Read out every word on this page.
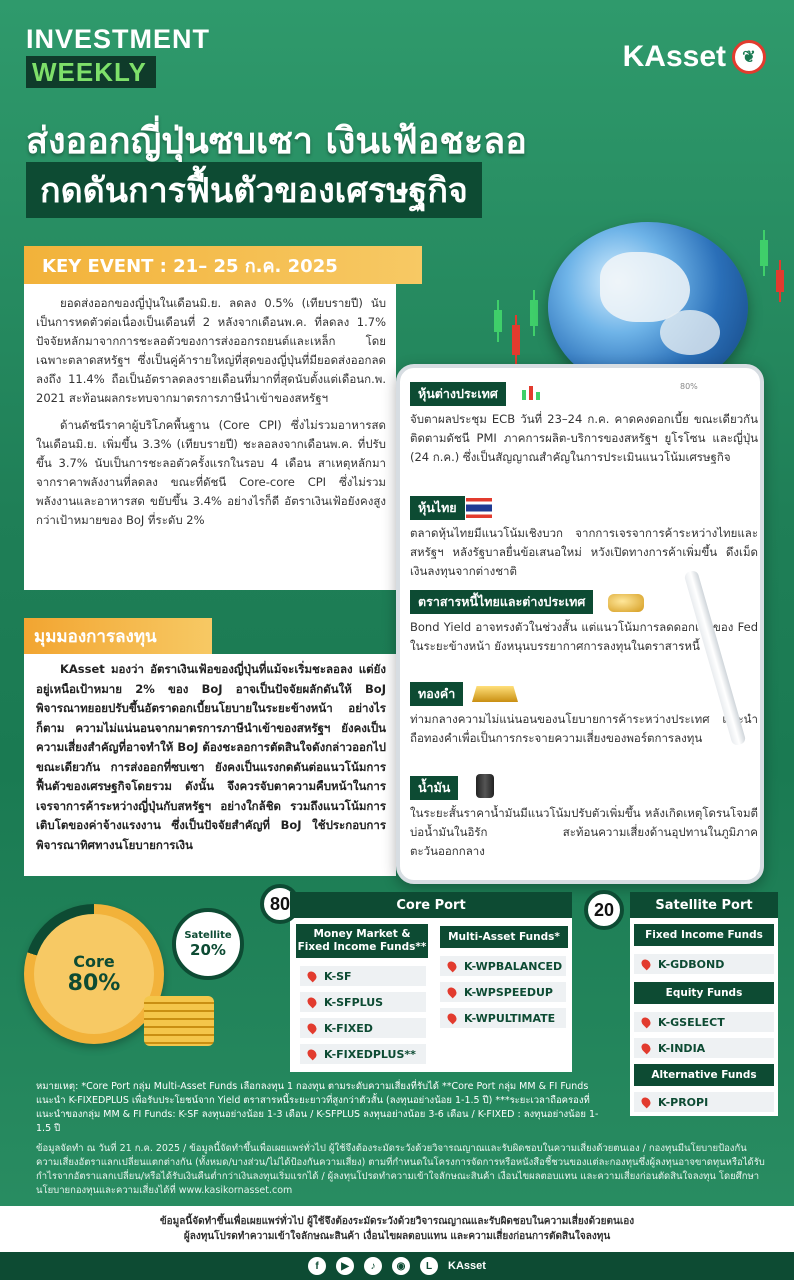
INVESTMENT
WEEKLY	KAsset	❦
ส่งออกญี่ปุ่นซบเซา เงินเฟ้อชะลอ
กดดันการฟื้นตัวของเศรษฐกิจ
KEY EVENT : 21– 25 ก.ค. 2025

ยอดส่งออกของญี่ปุ่นในเดือนมิ.ย. ลดลง 0.5% (เทียบรายปี) นับเป็นการหดตัวต่อเนื่องเป็นเดือนที่ 2 หลังจากเดือนพ.ค. ที่ลดลง 1.7% ปัจจัยหลักมาจากการชะลอตัวของการส่งออกรถยนต์และเหล็ก โดยเฉพาะตลาดสหรัฐฯ ซึ่งเป็นคู่ค้ารายใหญ่ที่สุดของญี่ปุ่นที่มียอดส่งออกลดลงถึง 11.4% ถือเป็นอัตราลดลงรายเดือนที่มากที่สุดนับตั้งแต่เดือนก.พ. 2021 สะท้อนผลกระทบจากมาตรการภาษีนำเข้าของสหรัฐฯ

ด้านดัชนีราคาผู้บริโภคพื้นฐาน (Core CPI) ซึ่งไม่รวมอาหารสด ในเดือนมิ.ย. เพิ่มขึ้น 3.3% (เทียบรายปี) ชะลอลงจากเดือนพ.ค. ที่ปรับขึ้น 3.7% นับเป็นการชะลอตัวครั้งแรกในรอบ 4 เดือน สาเหตุหลักมาจากราคาพลังงานที่ลดลง ขณะที่ดัชนี Core-core CPI ซึ่งไม่รวมพลังงานและอาหารสด ขยับขึ้น 3.4% อย่างไรก็ดี อัตราเงินเฟ้อยังคงสูงกว่าเป้าหมายของ BoJ ที่ระดับ 2%

มุมมองการลงทุน

KAsset มองว่า อัตราเงินเฟ้อของญี่ปุ่นที่แม้จะเริ่มชะลอลง แต่ยังอยู่เหนือเป้าหมาย 2% ของ BoJ อาจเป็นปัจจัยผลักดันให้ BoJ พิจารณาทยอยปรับขึ้นอัตราดอกเบี้ยนโยบายในระยะข้างหน้า อย่างไรก็ตาม ความไม่แน่นอนจากมาตรการภาษีนำเข้าของสหรัฐฯ ยังคงเป็นความเสี่ยงสำคัญที่อาจทำให้ BoJ ต้องชะลอการตัดสินใจดังกล่าวออกไป ขณะเดียวกัน การส่งออกที่ซบเซา ยังคงเป็นแรงกดดันต่อแนวโน้มการฟื้นตัวของเศรษฐกิจโดยรวม ดังนั้น จึงควรจับตาความคืบหน้าในการเจรจาการค้าระหว่างญี่ปุ่นกับสหรัฐฯ อย่างใกล้ชิด รวมถึงแนวโน้มการเติบโตของค่าจ้างแรงงาน ซึ่งเป็นปัจจัยสำคัญที่ BoJ ใช้ประกอบการพิจารณาทิศทางนโยบายการเงิน

80%
หุ้นต่างประเทศ
จับตาผลประชุม ECB วันที่ 23–24 ก.ค. คาดคงดอกเบี้ย ขณะเดียวกันติดตามดัชนี PMI ภาคการผลิต-บริการของสหรัฐฯ ยูโรโซน และญี่ปุ่น (24 ก.ค.) ซึ่งเป็นสัญญาณสำคัญในการประเมินแนวโน้มเศรษฐกิจ
หุ้นไทย
ตลาดหุ้นไทยมีแนวโน้มเชิงบวก จากการเจรจาการค้าระหว่างไทยและสหรัฐฯ หลังรัฐบาลยื่นข้อเสนอใหม่ หวังเปิดทางการค้าเพิ่มขึ้น ดึงเม็ดเงินลงทุนจากต่างชาติ
ตราสารหนี้ไทยและต่างประเทศ
Bond Yield อาจทรงตัวในช่วงสั้น แต่แนวโน้มการลดดอกเบี้ยของ Fed ในระยะข้างหน้า ยังหนุนบรรยากาศการลงทุนในตราสารหนี้
ทองคำ
ท่ามกลางความไม่แน่นอนของนโยบายการค้าระหว่างประเทศ แนะนำถือทองคำเพื่อเป็นการกระจายความเสี่ยงของพอร์ตการลงทุน
น้ำมัน
ในระยะสั้นราคาน้ำมันมีแนวโน้มปรับตัวเพิ่มขึ้น หลังเกิดเหตุโดรนโจมตีบ่อน้ำมันในอิรัก สะท้อนความเสี่ยงด้านอุปทานในภูมิภาคตะวันออกกลาง
Core
80%
Satellite
20%
80	Core Port
Money Market & Fixed Income Funds**
Multi-Asset Funds*
K-SF
K-SFPLUS
K-FIXED
K-FIXEDPLUS**
K-WPBALANCED
K-WPSPEEDUP
K-WPULTIMATE
20	Satellite Port
Fixed Income Funds
K-GDBOND
Equity Funds
K-GSELECT
K-INDIA
Alternative Funds
K-PROPI
หมายเหตุ: *Core Port กลุ่ม Multi-Asset Funds เลือกลงทุน 1 กองทุน ตามระดับความเสี่ยงที่รับได้ **Core Port กลุ่ม MM & FI Funds แนะนำ K-FIXEDPLUS เพื่อรับประโยชน์จาก Yield ตราสารหนี้ระยะยาวที่สูงกว่าตัวสั้น (ลงทุนอย่างน้อย 1-1.5 ปี) ***ระยะเวลาถือครองที่แนะนำของกลุ่ม MM & FI Funds: K-SF ลงทุนอย่างน้อย 1-3 เดือน / K-SFPLUS ลงทุนอย่างน้อย 3-6 เดือน / K-FIXED : ลงทุนอย่างน้อย 1-1.5 ปี
ข้อมูลจัดทำ ณ วันที่ 21 ก.ค. 2025 / ข้อมูลนี้จัดทำขึ้นเพื่อเผยแพร่ทั่วไป ผู้ใช้จึงต้องระมัดระวังด้วยวิจารณญาณและรับผิดชอบในความเสี่ยงด้วยตนเอง / กองทุนมีนโยบายป้องกันความเสี่ยงอัตราแลกเปลี่ยนแตกต่างกัน (ทั้งหมด/บางส่วน/ไม่ได้ป้องกันความเสี่ยง) ตามที่กำหนดในโครงการจัดการหรือหนังสือชี้ชวนของแต่ละกองทุนซึ่งผู้ลงทุนอาจขาดทุนหรือได้รับกำไรจากอัตราแลกเปลี่ยน/หรือได้รับเงินคืนต่ำกว่าเงินลงทุนเริ่มแรกได้ / ผู้ลงทุนโปรดทำความเข้าใจลักษณะสินค้า เงื่อนไขผลตอบแทน และความเสี่ยงก่อนตัดสินใจลงทุน โดยศึกษานโยบายกองทุนและความเสี่ยงได้ที่ www.kasikornasset.com
ข้อมูลนี้จัดทำขึ้นเพื่อเผยแพร่ทั่วไป ผู้ใช้จึงต้องระมัดระวังด้วยวิจารณญาณและรับผิดชอบในความเสี่ยงด้วยตนเอง
ผู้ลงทุนโปรดทำความเข้าใจลักษณะสินค้า เงื่อนไขผลตอบแทน และความเสี่ยงก่อนการตัดสินใจลงทุน
f	▶	♪	◉	L	KAsset
